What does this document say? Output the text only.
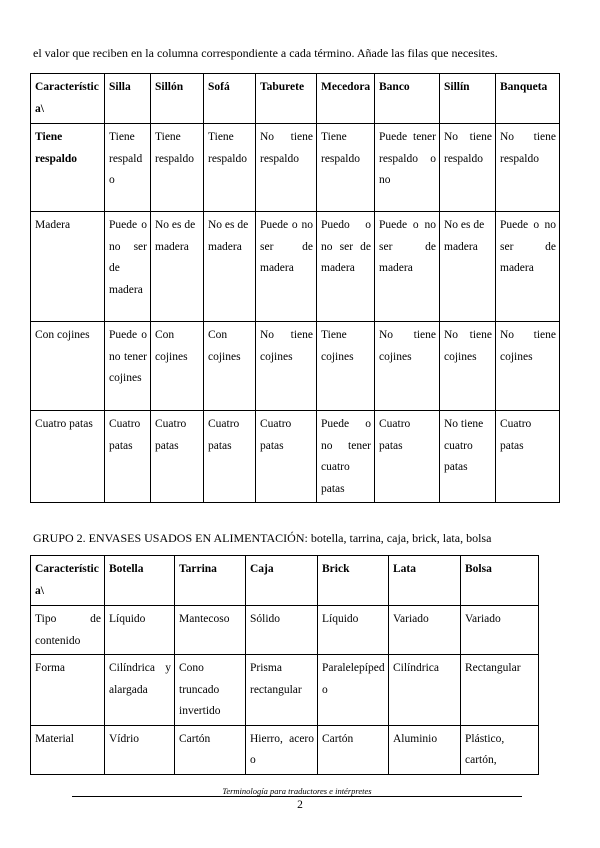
el valor que reciben en la columna correspondiente a cada término. Añade las filas que necesites.
Característica\	Silla	Sillón	Sofá	Taburete	Mecedora	Banco	Sillín	Banqueta
Tiene respaldo	Tiene respaldo	Tiene respaldo	Tiene respaldo	No tiene respaldo	Tiene respaldo	Puede tener respaldo o no	No tiene respaldo	No tiene respaldo
Madera	Puede o no ser de madera	No es de madera	No es de madera	Puede o no ser de madera	Puedo o no ser de madera	Puede o no ser de madera	No es de madera	Puede o no ser de madera
Con cojines	Puede o no tener cojines	Con cojines	Con cojines	No tiene cojines	Tiene cojines	No tiene cojines	No tiene cojines	No tiene cojines
Cuatro patas	Cuatro patas	Cuatro patas	Cuatro patas	Cuatro patas	Puede o no tener cuatro patas	Cuatro patas	No tiene cuatro patas	Cuatro patas
GRUPO 2. ENVASES USADOS EN ALIMENTACIÓN: botella, tarrina, caja, brick, lata, bolsa
Característica\	Botella	Tarrina	Caja	Brick	Lata	Bolsa
Tipo de contenido	Líquido	Mantecoso	Sólido	Líquido	Variado	Variado
Forma	Cilíndrica y alargada	Cono truncado invertido	Prisma rectangular	Paralelepípedo	Cilíndrica	Rectangular
Material	Vídrio	Cartón	Hierro, acero o	Cartón	Aluminio	Plástico, cartón,
Terminología para traductores e intérpretes
2
